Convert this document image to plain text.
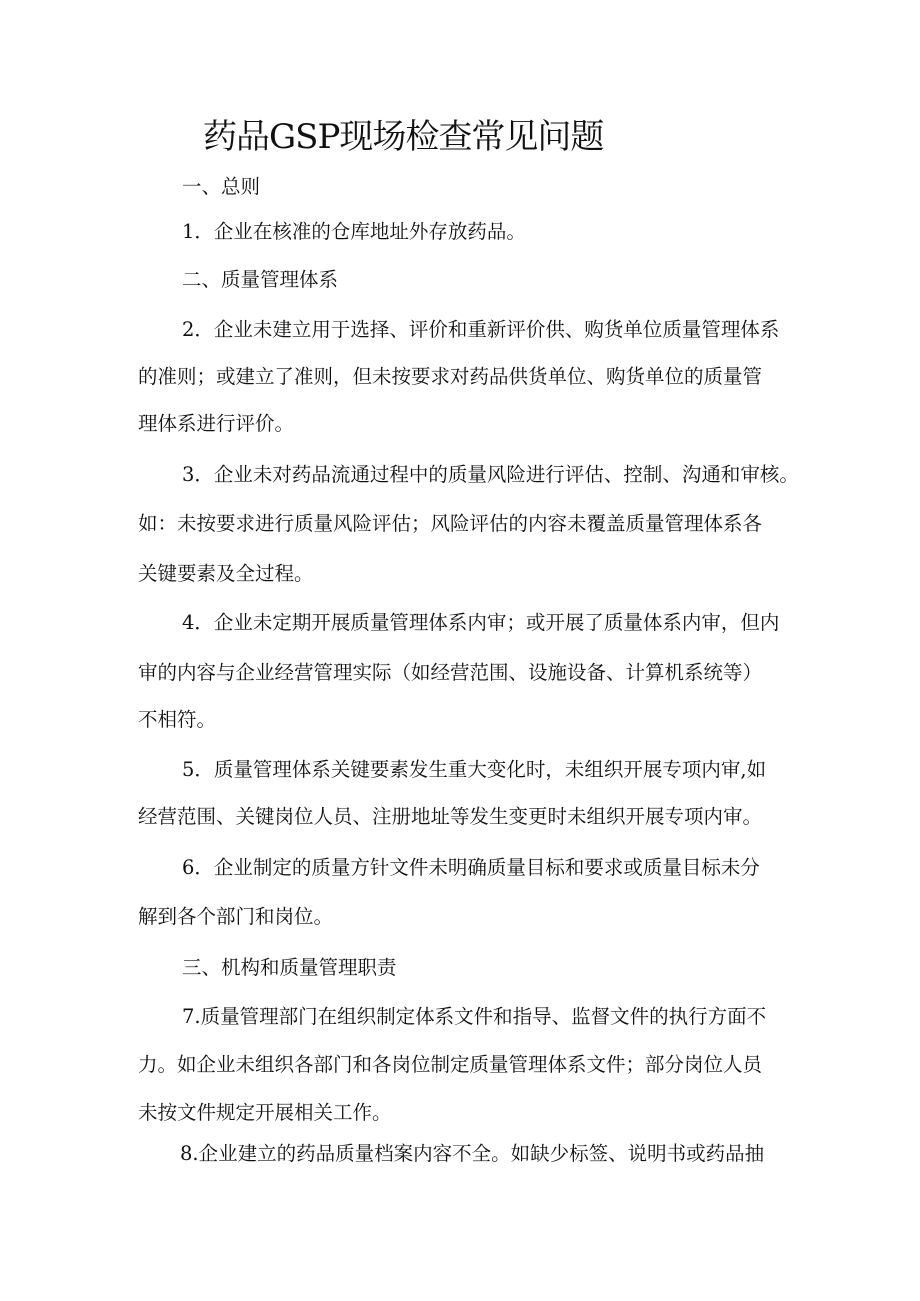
药品GSP现场检查常见问题

一、总则

1．企业在核准的仓库地址外存放药品。

二、质量管理体系

2．企业未建立用于选择、评价和重新评价供、购货单位质量管理体系

的准则；或建立了准则，但未按要求对药品供货单位、购货单位的质量管

理体系进行评价。

3．企业未对药品流通过程中的质量风险进行评估、控制、沟通和审核。

如：未按要求进行质量风险评估；风险评估的内容未覆盖质量管理体系各

关键要素及全过程。

4．企业未定期开展质量管理体系内审；或开展了质量体系内审，但内

审的内容与企业经营管理实际（如经营范围、设施设备、计算机系统等）

不相符。

5．质量管理体系关键要素发生重大变化时，未组织开展专项内审,如

经营范围、关键岗位人员、注册地址等发生变更时未组织开展专项内审。

6．企业制定的质量方针文件未明确质量目标和要求或质量目标未分

解到各个部门和岗位。

三、机构和质量管理职责

7.质量管理部门在组织制定体系文件和指导、监督文件的执行方面不

力。如企业未组织各部门和各岗位制定质量管理体系文件；部分岗位人员

未按文件规定开展相关工作。

8.企业建立的药品质量档案内容不全。如缺少标签、说明书或药品抽
